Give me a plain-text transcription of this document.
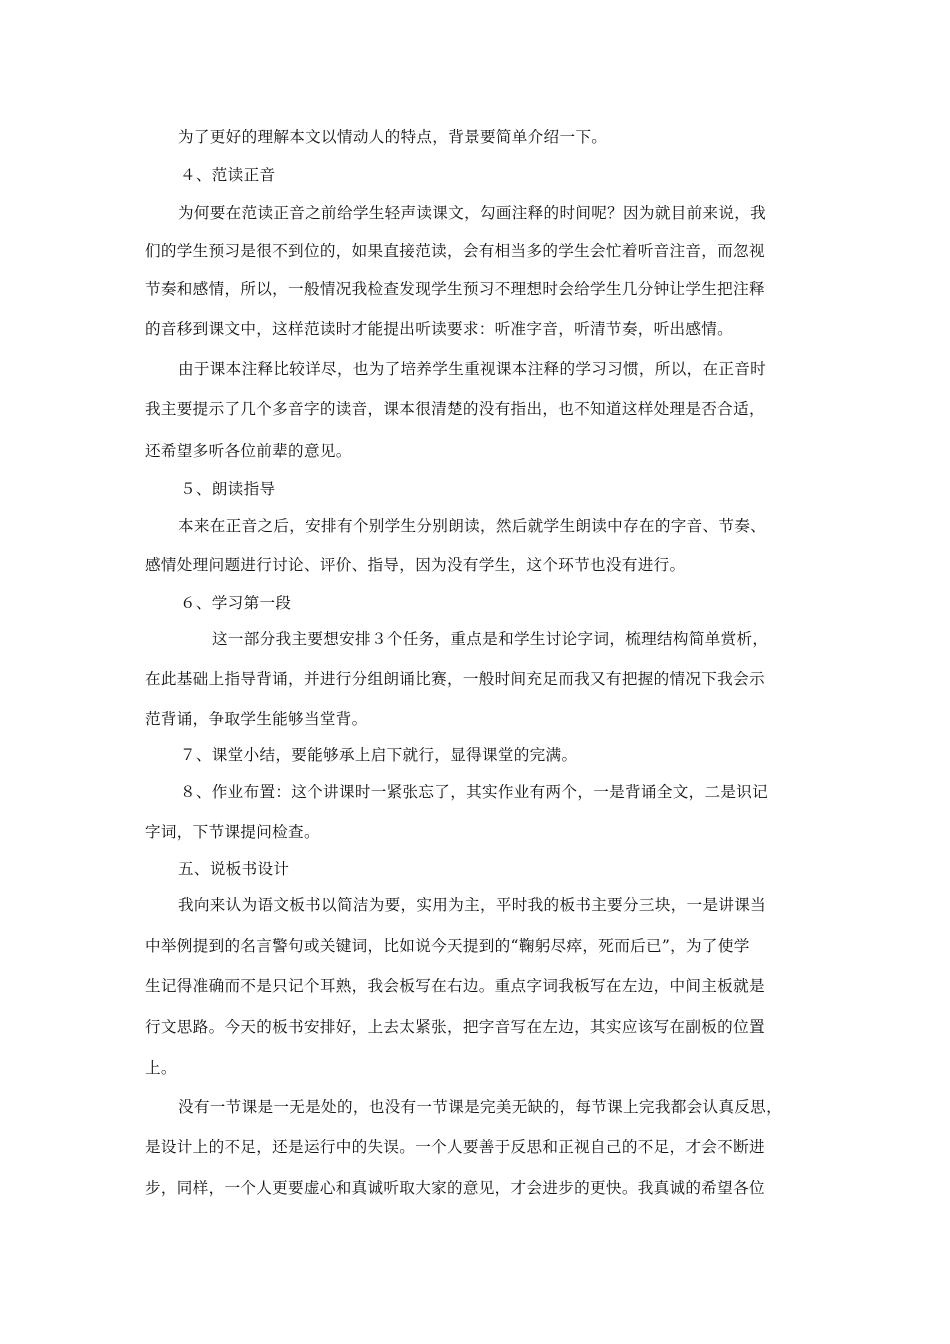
为了更好的理解本文以情动人的特点，背景要简单介绍一下。
４、范读正音
为何要在范读正音之前给学生轻声读课文，勾画注释的时间呢？因为就目前来说，我
们的学生预习是很不到位的，如果直接范读，会有相当多的学生会忙着听音注音，而忽视
节奏和感情，所以，一般情况我检查发现学生预习不理想时会给学生几分钟让学生把注释
的音移到课文中，这样范读时才能提出听读要求：听准字音，听清节奏，听出感情。
由于课本注释比较详尽，也为了培养学生重视课本注释的学习习惯，所以，在正音时
我主要提示了几个多音字的读音，课本很清楚的没有指出，也不知道这样处理是否合适，
还希望多听各位前辈的意见。
５、朗读指导
本来在正音之后，安排有个别学生分别朗读，然后就学生朗读中存在的字音、节奏、
感情处理问题进行讨论、评价、指导，因为没有学生，这个环节也没有进行。
６、学习第一段
这一部分我主要想安排３个任务，重点是和学生讨论字词，梳理结构简单赏析，
在此基础上指导背诵，并进行分组朗诵比赛，一般时间充足而我又有把握的情况下我会示
范背诵，争取学生能够当堂背。
７、课堂小结，要能够承上启下就行，显得课堂的完满。
８、作业布置：这个讲课时一紧张忘了，其实作业有两个，一是背诵全文，二是识记
字词，下节课提问检查。
五、说板书设计
我向来认为语文板书以简洁为要，实用为主，平时我的板书主要分三块，一是讲课当
中举例提到的名言警句或关键词，比如说今天提到的“鞠躬尽瘁，死而后已”，为了使学
生记得准确而不是只记个耳熟，我会板写在右边。重点字词我板写在左边，中间主板就是
行文思路。今天的板书安排好，上去太紧张，把字音写在左边，其实应该写在副板的位置
上。
没有一节课是一无是处的，也没有一节课是完美无缺的，每节课上完我都会认真反思，
是设计上的不足，还是运行中的失误。一个人要善于反思和正视自己的不足，才会不断进
步，同样，一个人更要虚心和真诚听取大家的意见，才会进步的更快。我真诚的希望各位
